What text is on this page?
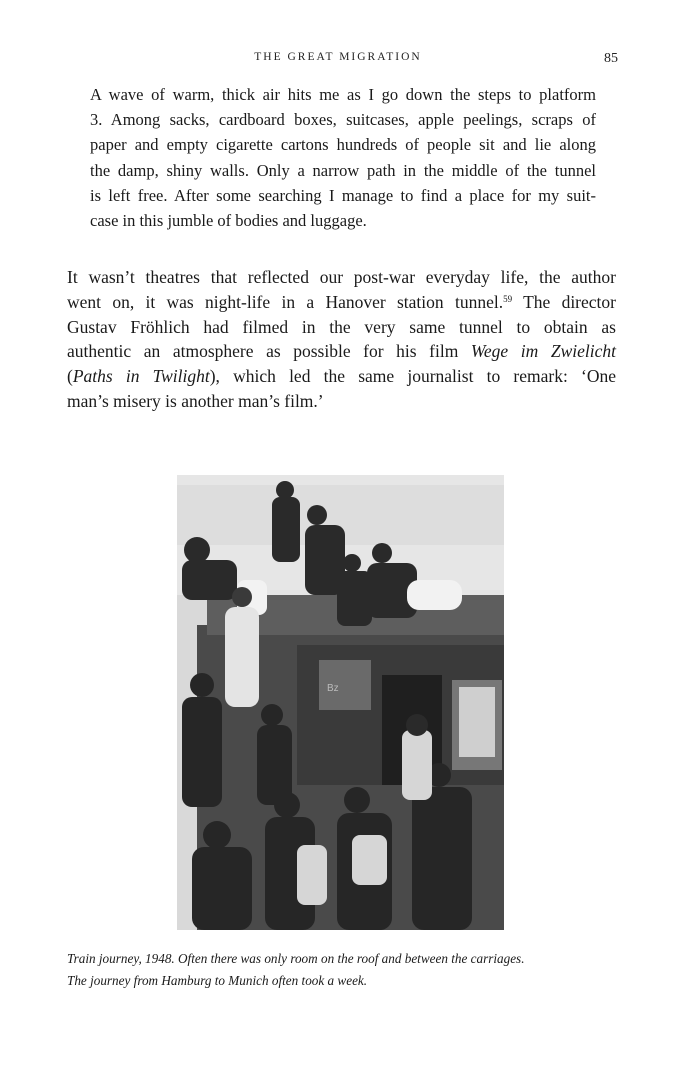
THE GREAT MIGRATION	85
A wave of warm, thick air hits me as I go down the steps to platform
3. Among sacks, cardboard boxes, suitcases, apple peelings, scraps of
paper and empty cigarette cartons hundreds of people sit and lie along
the damp, shiny walls. Only a narrow path in the middle of the tunnel
is left free. After some searching I manage to find a place for my suit-
case in this jumble of bodies and luggage.
It wasn’t theatres that reflected our post-war everyday life, the author
went on, it was night-life in a Hanover station tunnel.$^{59}$ The director
Gustav Fröhlich had filmed in the very same tunnel to obtain as
authentic an atmosphere as possible for his film Wege im Zwielicht
(Paths in Twilight), which led the same journalist to remark: ‘One
man’s misery is another man’s film.’
Bz
Train journey, 1948. Often there was only room on the roof and between the carriages.
The journey from Hamburg to Munich often took a week.
